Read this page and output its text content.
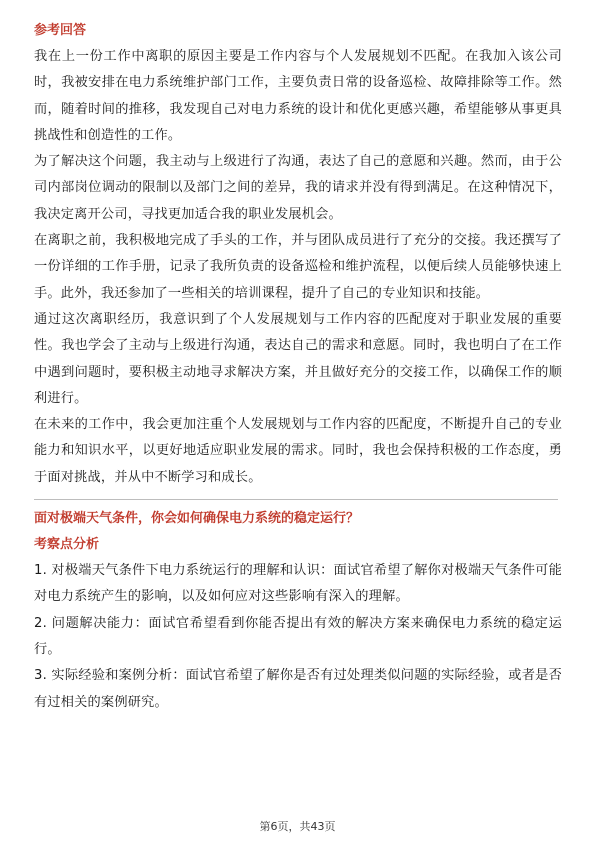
参考回答

我在上一份工作中离职的原因主要是工作内容与个人发展规划不匹配。在我加入该公司时，我被安排在电力系统维护部门工作，主要负责日常的设备巡检、故障排除等工作。然而，随着时间的推移，我发现自己对电力系统的设计和优化更感兴趣，希望能够从事更具挑战性和创造性的工作。

为了解决这个问题，我主动与上级进行了沟通，表达了自己的意愿和兴趣。然而，由于公司内部岗位调动的限制以及部门之间的差异，我的请求并没有得到满足。在这种情况下，我决定离开公司，寻找更加适合我的职业发展机会。

在离职之前，我积极地完成了手头的工作，并与团队成员进行了充分的交接。我还撰写了一份详细的工作手册，记录了我所负责的设备巡检和维护流程，以便后续人员能够快速上手。此外，我还参加了一些相关的培训课程，提升了自己的专业知识和技能。

通过这次离职经历，我意识到了个人发展规划与工作内容的匹配度对于职业发展的重要性。我也学会了主动与上级进行沟通，表达自己的需求和意愿。同时，我也明白了在工作中遇到问题时，要积极主动地寻求解决方案，并且做好充分的交接工作，以确保工作的顺利进行。

在未来的工作中，我会更加注重个人发展规划与工作内容的匹配度，不断提升自己的专业能力和知识水平，以更好地适应职业发展的需求。同时，我也会保持积极的工作态度，勇于面对挑战，并从中不断学习和成长。

面对极端天气条件，你会如何确保电力系统的稳定运行？

考察点分析

1. 对极端天气条件下电力系统运行的理解和认识：面试官希望了解你对极端天气条件可能对电力系统产生的影响，以及如何应对这些影响有深入的理解。

2. 问题解决能力：面试官希望看到你能否提出有效的解决方案来确保电力系统的稳定运行。

3. 实际经验和案例分析：面试官希望了解你是否有过处理类似问题的实际经验，或者是否有过相关的案例研究。

第6页，共43页
